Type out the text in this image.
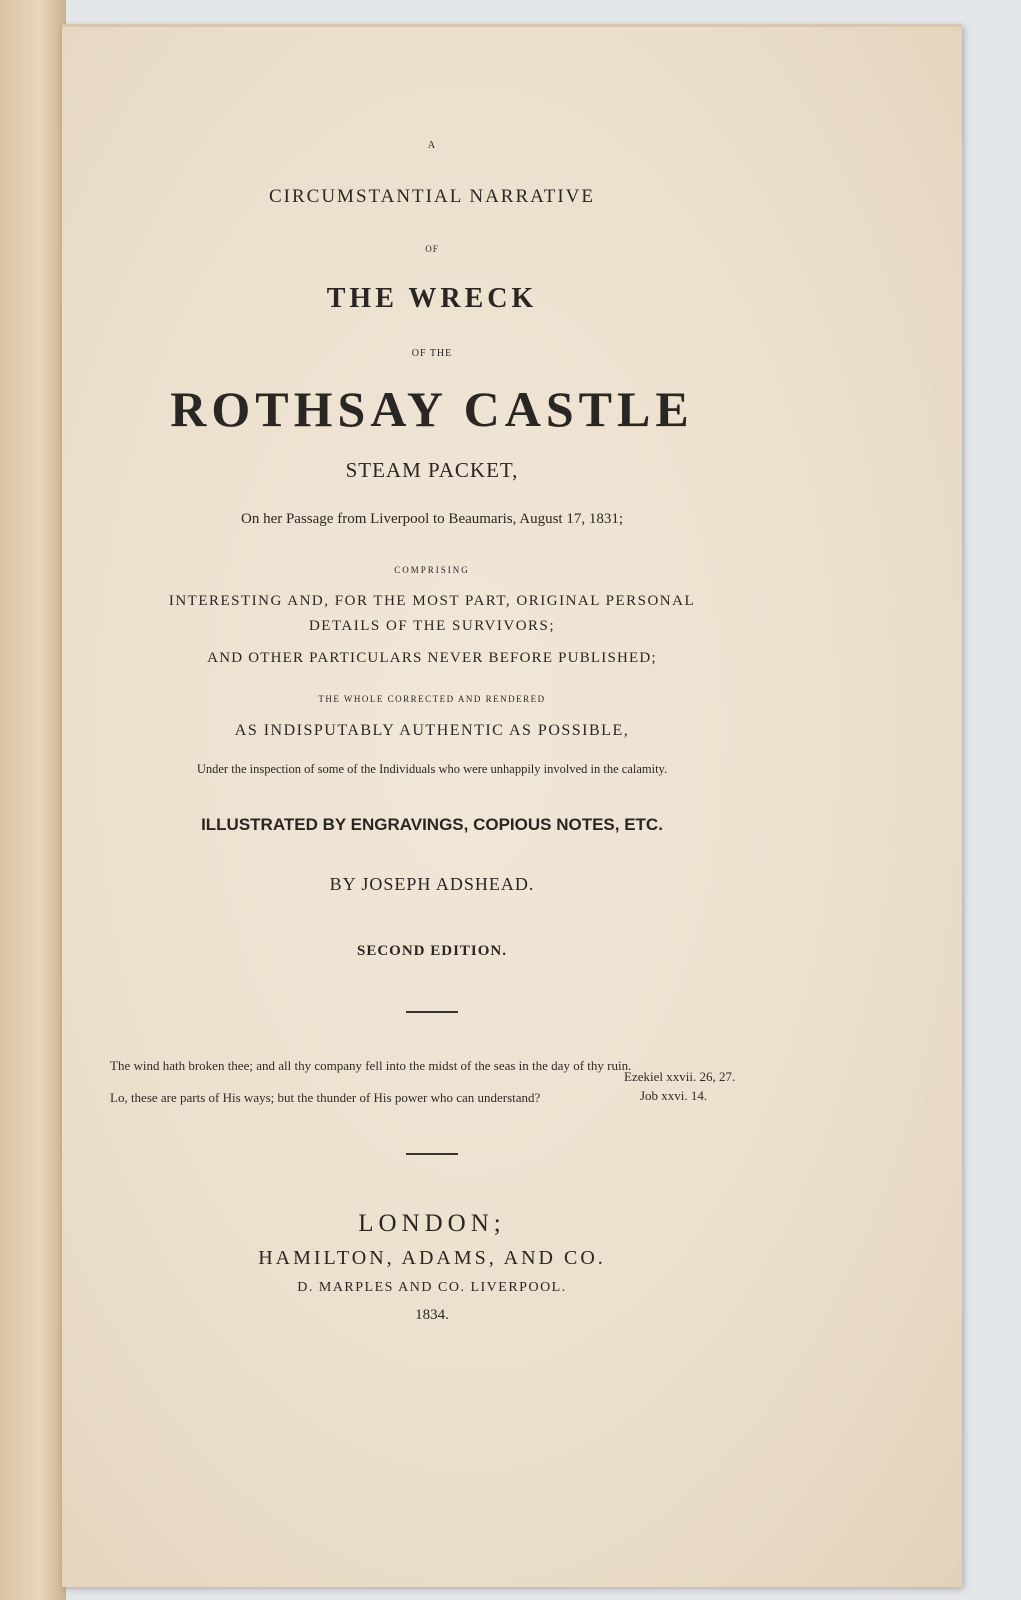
A
CIRCUMSTANTIAL NARRATIVE
OF
THE WRECK
OF THE
ROTHSAY CASTLE
STEAM PACKET,
On her Passage from Liverpool to Beaumaris, August 17, 1831;
COMPRISING
INTERESTING AND, FOR THE MOST PART, ORIGINAL PERSONAL
DETAILS OF THE SURVIVORS;
AND OTHER PARTICULARS NEVER BEFORE PUBLISHED;
THE WHOLE CORRECTED AND RENDERED
AS INDISPUTABLY AUTHENTIC AS POSSIBLE,
Under the inspection of some of the Individuals who were unhappily involved in the calamity.
ILLUSTRATED BY ENGRAVINGS, COPIOUS NOTES, ETC.
BY JOSEPH ADSHEAD.
SECOND EDITION.
The wind hath broken thee; and all thy company fell into the midst of the seas in the day of thy ruin.
Ezekiel xxvii. 26, 27.
Lo, these are parts of His ways; but the thunder of His power who can understand?	Job xxvi. 14.
LONDON;
HAMILTON, ADAMS, AND CO.
D. MARPLES AND CO. LIVERPOOL.
1834.
